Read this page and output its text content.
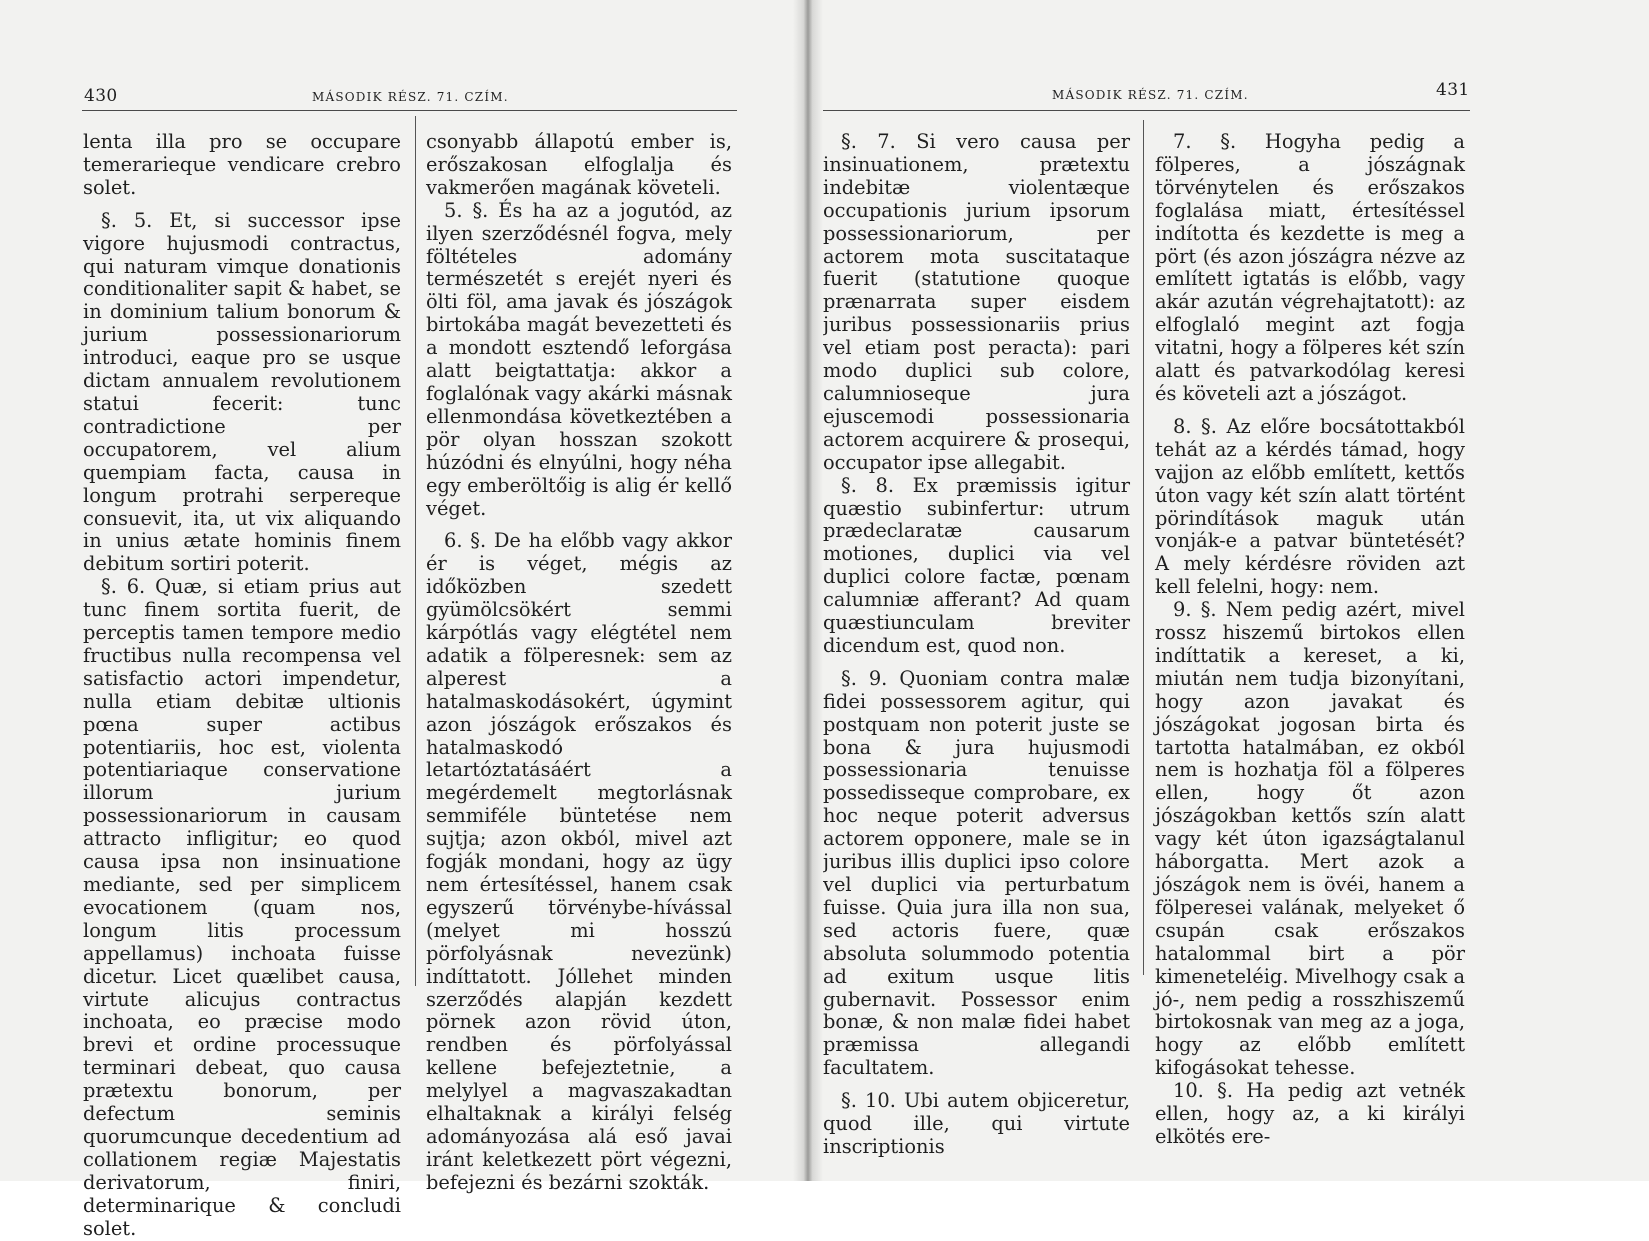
430	MÁSODIK RÉSZ. 71. CZÍM.

lenta illa pro se occupare temerarieque vendicare crebro solet.

§. 5. Et, si successor ipse vigore hujusmodi contractus, qui naturam vimque donationis conditionaliter sapit & habet, se in dominium talium bonorum & jurium possessionariorum introduci, eaque pro se usque dictam annualem revolutionem statui fecerit: tunc contradictione per occupatorem, vel alium quempiam facta, causa in longum protrahi serpereque consuevit, ita, ut vix aliquando in unius ætate hominis finem debitum sortiri poterit.

§. 6. Quæ, si etiam prius aut tunc finem sortita fuerit, de perceptis tamen tempore medio fructibus nulla recompensa vel satisfactio actori impendetur, nulla etiam debitæ ultionis pœna super actibus potentiariis, hoc est, violenta potentiariaque conservatione illorum jurium possessionariorum in causam attracto infligitur; eo quod causa ipsa non insinuatione mediante, sed per simplicem evocationem (quam nos, longum litis processum appellamus) inchoata fuisse dicetur. Licet quælibet causa, virtute alicujus contractus inchoata, eo præcise modo brevi et ordine processuque terminari debeat, quo causa prætextu bonorum, per defectum seminis quorumcunque decedentium ad collationem regiæ Majestatis derivatorum, finiri, determinarique & concludi solet.

csonyabb állapotú ember is, erőszakosan elfoglalja és vakmerően magának követeli.

5. §. És ha az a jogutód, az ilyen szerződésnél fogva, mely föltételes adomány természetét s erejét nyeri és ölti föl, ama javak és jószágok birtokába magát bevezetteti és a mondott esztendő leforgása alatt beigtattatja: akkor a foglalónak vagy akárki másnak ellenmondása következtében a pör olyan hosszan szokott húzódni és elnyúlni, hogy néha egy emberöltőig is alig ér kellő véget.

6. §. De ha előbb vagy akkor ér is véget, mégis az időközben szedett gyümölcsökért semmi kárpótlás vagy elégtétel nem adatik a fölperesnek: sem az alperest a hatalmaskodásokért, úgymint azon jószágok erőszakos és hatalmaskodó letartóztatásáért a megérdemelt megtorlásnak semmiféle büntetése nem sujtja; azon okból, mivel azt fogják mondani, hogy az ügy nem értesítéssel, hanem csak egyszerű törvénybe-hívással (melyet mi hosszú pörfolyásnak nevezünk) indíttatott. Jóllehet minden szerződés alapján kezdett pörnek azon rövid úton, rendben és pörfolyással kellene befejeztetnie, a melylyel a magvaszakadtan elhaltaknak a királyi felség adományozása alá eső javai iránt keletkezett pört végezni, befejezni és bezárni szokták.

MÁSODIK RÉSZ. 71. CZÍM.	431

§. 7. Si vero causa per insinuationem, prætextu indebitæ violentæque occupationis jurium ipsorum possessionariorum, per actorem mota suscitataque fuerit (statutione quoque prænarrata super eisdem juribus possessionariis prius vel etiam post peracta): pari modo duplici sub colore, calumnioseque jura ejuscemodi possessionaria actorem acquirere & prosequi, occupator ipse allegabit.

§. 8. Ex præmissis igitur quæstio subinfertur: utrum prædeclaratæ causarum motiones, duplici via vel duplici colore factæ, pœnam calumniæ afferant? Ad quam quæstiunculam breviter dicendum est, quod non.

§. 9. Quoniam contra malæ fidei possessorem agitur, qui postquam non poterit juste se bona & jura hujusmodi possessionaria tenuisse possedisseque comprobare, ex hoc neque poterit adversus actorem opponere, male se in juribus illis duplici ipso colore vel duplici via perturbatum fuisse. Quia jura illa non sua, sed actoris fuere, quæ absoluta solummodo potentia ad exitum usque litis gubernavit. Possessor enim bonæ, & non malæ fidei habet præmissa allegandi facultatem.

§. 10. Ubi autem objiceretur, quod ille, qui virtute inscriptionis

7. §. Hogyha pedig a fölperes, a jószágnak törvénytelen és erőszakos foglalása miatt, értesítéssel indította és kezdette is meg a pört (és azon jószágra nézve az említett igtatás is előbb, vagy akár azután végrehajtatott): az elfoglaló megint azt fogja vitatni, hogy a fölperes két szín alatt és patvarkodólag keresi és követeli azt a jószágot.

8. §. Az előre bocsátottakból tehát az a kérdés támad, hogy vajjon az előbb említett, kettős úton vagy két szín alatt történt pörindítások maguk után vonják-e a patvar büntetését? A mely kérdésre röviden azt kell felelni, hogy: nem.

9. §. Nem pedig azért, mivel rossz hiszemű birtokos ellen indíttatik a kereset, a ki, miután nem tudja bizonyítani, hogy azon javakat és jószágokat jogosan birta és tartotta hatalmában, ez okból nem is hozhatja föl a fölperes ellen, hogy őt azon jószágokban kettős szín alatt vagy két úton igazságtalanul háborgatta. Mert azok a jószágok nem is övéi, hanem a fölperesei valának, melyeket ő csupán csak erőszakos hatalommal birt a pör kimeneteléig. Mivelhogy csak a jó-, nem pedig a rosszhiszemű birtokosnak van meg az a joga, hogy az előbb említett kifogásokat tehesse.

10. §. Ha pedig azt vetnék ellen, hogy az, a ki királyi elkötés ere-
